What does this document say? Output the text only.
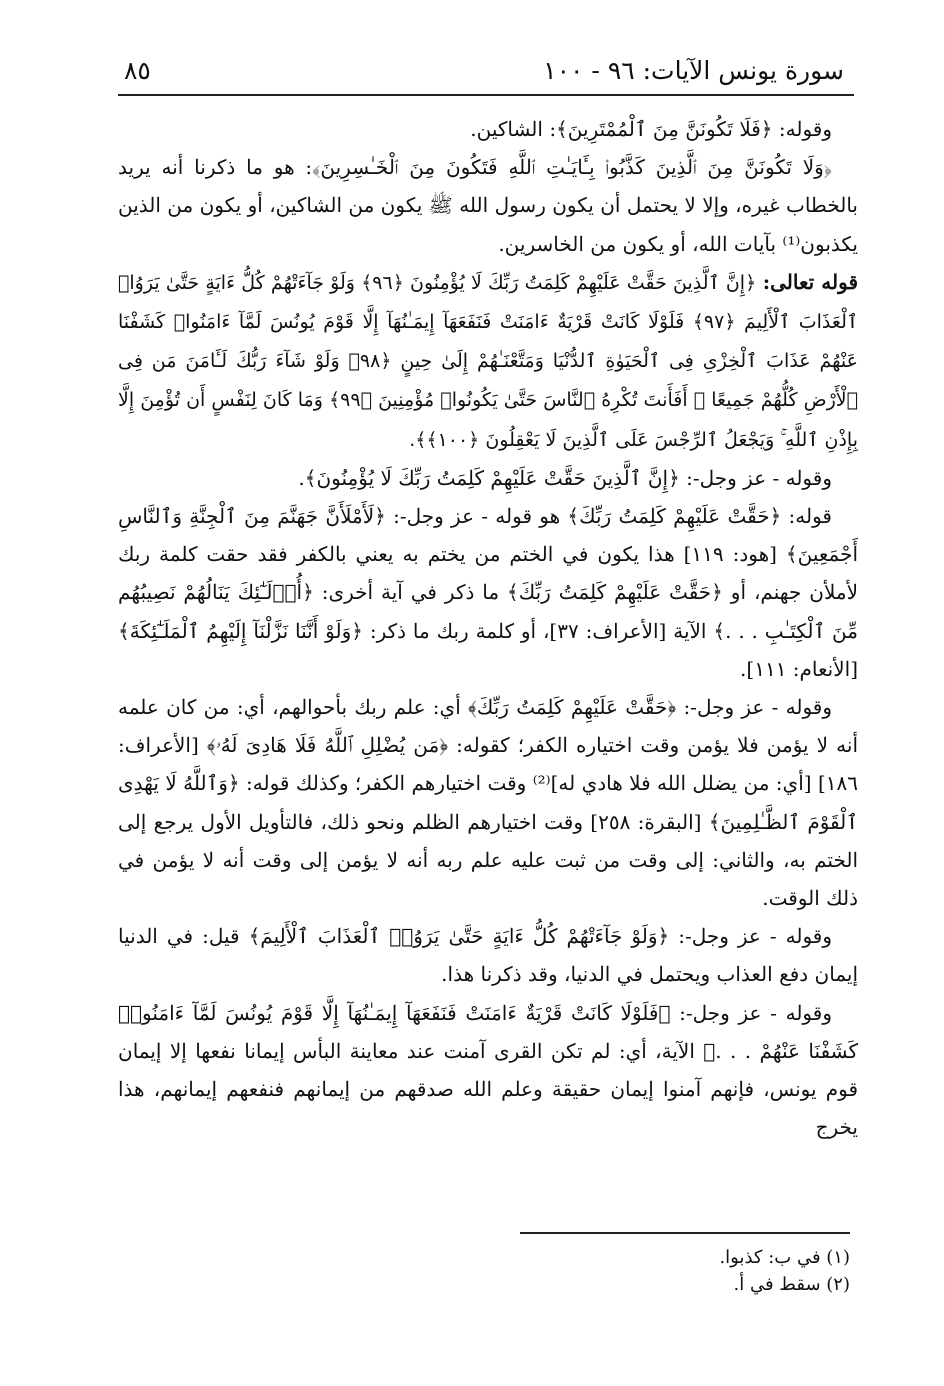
سورة يونس الآيات: ٩٦ - ١٠٠
٨٥

وقوله: ﴿فَلَا تَكُونَنَّ مِنَ ٱلْمُمْتَرِينَ﴾: الشاكين.

﴿وَلَا تَكُونَنَّ مِنَ ٱلَّذِينَ كَذَّبُوا۟ بِـَٔايَـٰتِ ٱللَّهِ فَتَكُونَ مِنَ ٱلْخَـٰسِرِينَ﴾: هو ما ذكرنا أنه يريد بالخطاب غيره، وإلا لا يحتمل أن يكون رسول الله ﷺ يكون من الشاكين، أو يكون من الذين يكذبون⁽¹⁾ بآيات الله، أو يكون من الخاسرين.

قوله تعالى: ﴿إِنَّ ٱلَّذِينَ حَقَّتْ عَلَيْهِمْ كَلِمَتُ رَبِّكَ لَا يُؤْمِنُونَ ﴿٩٦﴾ وَلَوْ جَآءَتْهُمْ كُلُّ ءَايَةٍ حَتَّىٰ يَرَوُا۟ ٱلْعَذَابَ ٱلْأَلِيمَ ﴿٩٧﴾ فَلَوْلَا كَانَتْ قَرْيَةٌ ءَامَنَتْ فَنَفَعَهَآ إِيمَـٰنُهَآ إِلَّا قَوْمَ يُونُسَ لَمَّآ ءَامَنُوا۟ كَشَفْنَا عَنْهُمْ عَذَابَ ٱلْخِزْىِ فِى ٱلْحَيَوٰةِ ٱلدُّنْيَا وَمَتَّعْنَـٰهُمْ إِلَىٰ حِينٍ ﴿٩٨﴾ وَلَوْ شَآءَ رَبُّكَ لَـَٔامَنَ مَن فِى ٱلْأَرْضِ كُلُّهُمْ جَمِيعًا ۚ أَفَأَنتَ تُكْرِهُ ٱلنَّاسَ حَتَّىٰ يَكُونُوا۟ مُؤْمِنِينَ ﴿٩٩﴾ وَمَا كَانَ لِنَفْسٍ أَن تُؤْمِنَ إِلَّا بِإِذْنِ ٱللَّهِ ۚ وَيَجْعَلُ ٱلرِّجْسَ عَلَى ٱلَّذِينَ لَا يَعْقِلُونَ ﴿١٠٠﴾﴾.

وقوله - عز وجل-: ﴿إِنَّ ٱلَّذِينَ حَقَّتْ عَلَيْهِمْ كَلِمَتُ رَبِّكَ لَا يُؤْمِنُونَ﴾.

قوله: ﴿حَقَّتْ عَلَيْهِمْ كَلِمَتُ رَبِّكَ﴾ هو قوله - عز وجل-: ﴿لَأَمْلَأَنَّ جَهَنَّمَ مِنَ ٱلْجِنَّةِ وَٱلنَّاسِ أَجْمَعِينَ﴾ [هود: ١١٩] هذا يكون في الختم من يختم به يعني بالكفر فقد حقت كلمة ربك لأملأن جهنم، أو ﴿حَقَّتْ عَلَيْهِمْ كَلِمَتُ رَبِّكَ﴾ ما ذكر في آية أخرى: ﴿أُو۟لَـٰٓئِكَ يَنَالُهُمْ نَصِيبُهُم مِّنَ ٱلْكِتَـٰبِ . . .﴾ الآية [الأعراف: ٣٧]، أو كلمة ربك ما ذكر: ﴿وَلَوْ أَنَّنَا نَزَّلْنَآ إِلَيْهِمُ ٱلْمَلَـٰٓئِكَةَ﴾ [الأنعام: ١١١].

وقوله - عز وجل-: ﴿حَقَّتْ عَلَيْهِمْ كَلِمَتُ رَبِّكَ﴾ أي: علم ربك بأحوالهم، أي: من كان علمه أنه لا يؤمن فلا يؤمن وقت اختياره الكفر؛ كقوله: ﴿مَن يُضْلِلِ ٱللَّهُ فَلَا هَادِىَ لَهُۥ﴾ [الأعراف: ١٨٦] [أي: من يضلل الله فلا هادي له]⁽²⁾ وقت اختيارهم الكفر؛ وكذلك قوله: ﴿وَٱللَّهُ لَا يَهْدِى ٱلْقَوْمَ ٱلظَّـٰلِمِينَ﴾ [البقرة: ٢٥٨] وقت اختيارهم الظلم ونحو ذلك، فالتأويل الأول يرجع إلى الختم به، والثاني: إلى وقت من ثبت عليه علم ربه أنه لا يؤمن إلى وقت أنه لا يؤمن في ذلك الوقت.

وقوله - عز وجل-: ﴿وَلَوْ جَآءَتْهُمْ كُلُّ ءَايَةٍ حَتَّىٰ يَرَوُا۟ ٱلْعَذَابَ ٱلْأَلِيمَ﴾ قيل: في الدنيا إيمان دفع العذاب ويحتمل في الدنيا، وقد ذكرنا هذا.

وقوله - عز وجل-: ﴿فَلَوْلَا كَانَتْ قَرْيَةٌ ءَامَنَتْ فَنَفَعَهَآ إِيمَـٰنُهَآ إِلَّا قَوْمَ يُونُسَ لَمَّآ ءَامَنُوا۟ كَشَفْنَا عَنْهُمْ . . .﴾ الآية، أي: لم تكن القرى آمنت عند معاينة البأس إيمانا نفعها إلا إيمان قوم يونس، فإنهم آمنوا إيمان حقيقة وعلم الله صدقهم من إيمانهم فنفعهم إيمانهم، هذا يخرج

(١) في ب: كذبوا.

(٢) سقط في أ.
